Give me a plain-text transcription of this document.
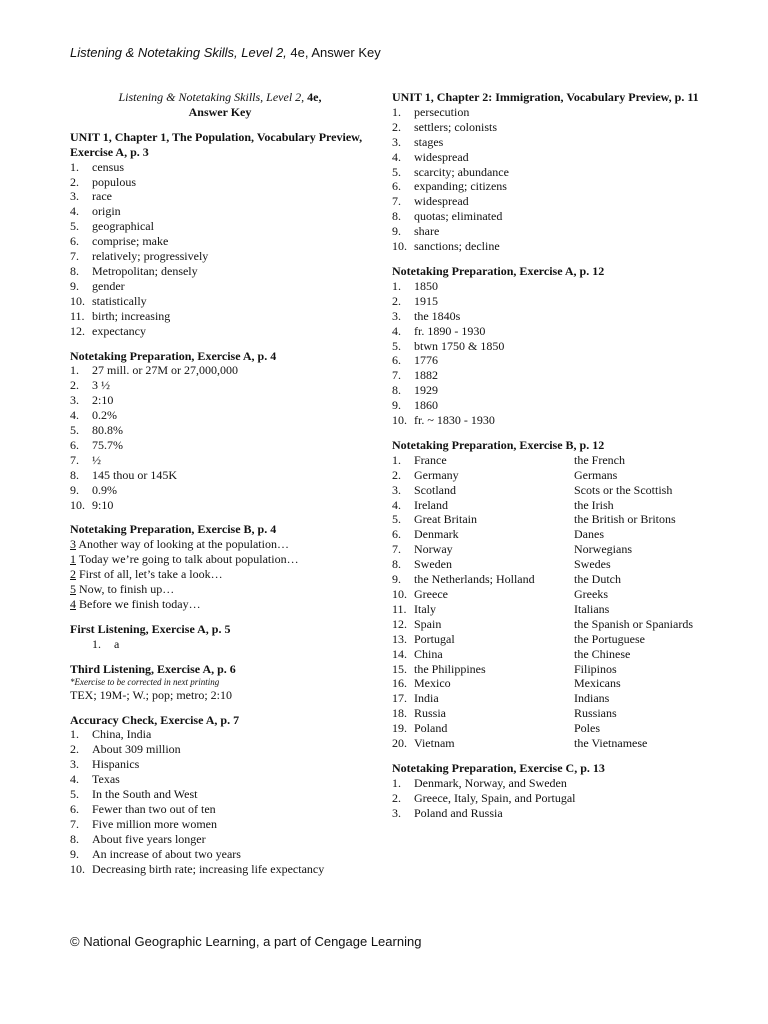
Listening & Notetaking Skills, Level 2, 4e, Answer Key
Listening & Notetaking Skills, Level 2, 4e,
Answer Key
UNIT 1, Chapter 1, The Population, Vocabulary Preview, Exercise A, p. 3
1.	census
2.	populous
3.	race
4.	origin
5.	geographical
6.	comprise; make
7.	relatively; progressively
8.	Metropolitan; densely
9.	gender
10. statistically
11. birth; increasing
12. expectancy
Notetaking Preparation, Exercise A, p. 4
1.	27 mill. or 27M or 27,000,000
2.	3 ½
3.	2:10
4.	0.2%
5.	80.8%
6.	75.7%
7.	½
8.	145 thou or 145K
9.	0.9%
10. 9:10
Notetaking Preparation, Exercise B, p. 4
3 Another way of looking at the population…
1 Today we’re going to talk about population…
2 First of all, let’s take a look…
5 Now, to finish up…
4 Before we finish today…
First Listening, Exercise A, p. 5
1.	a
Third Listening, Exercise A, p. 6
*Exercise to be corrected in next printing
TEX; 19M-; W.; pop; metro; 2:10
Accuracy Check, Exercise A, p. 7
1.	China, India
2.	About 309 million
3.	Hispanics
4.	Texas
5.	In the South and West
6.	Fewer than two out of ten
7.	Five million more women
8.	About five years longer
9.	An increase of about two years
10. Decreasing birth rate; increasing life expectancy
UNIT 1, Chapter 2: Immigration, Vocabulary Preview, p. 11
1.	persecution
2.	settlers; colonists
3.	stages
4.	widespread
5.	scarcity; abundance
6.	expanding; citizens
7.	widespread
8.	quotas; eliminated
9.	share
10. sanctions; decline
Notetaking Preparation, Exercise A, p. 12
1.	1850
2.	1915
3.	the 1840s
4.	fr. 1890 - 1930
5.	btwn 1750 & 1850
6.	1776
7.	1882
8.	1929
9.	1860
10. fr. ~ 1830 - 1930
Notetaking Preparation, Exercise B, p. 12
1.	France	the French
2.	Germany	Germans
3.	Scotland	Scots or the Scottish
4.	Ireland	the Irish
5.	Great Britain	the British or Britons
6.	Denmark	Danes
7.	Norway	Norwegians
8.	Sweden	Swedes
9.	the Netherlands; Holland	the Dutch
10. Greece	Greeks
11. Italy	Italians
12. Spain	the Spanish or Spaniards
13. Portugal	the Portuguese
14. China	the Chinese
15. the Philippines	Filipinos
16. Mexico	Mexicans
17. India	Indians
18. Russia	Russians
19. Poland	Poles
20. Vietnam	the Vietnamese
Notetaking Preparation, Exercise C, p. 13
1.	Denmark, Norway, and Sweden
2.	Greece, Italy, Spain, and Portugal
3.	Poland and Russia
© National Geographic Learning, a part of Cengage Learning
